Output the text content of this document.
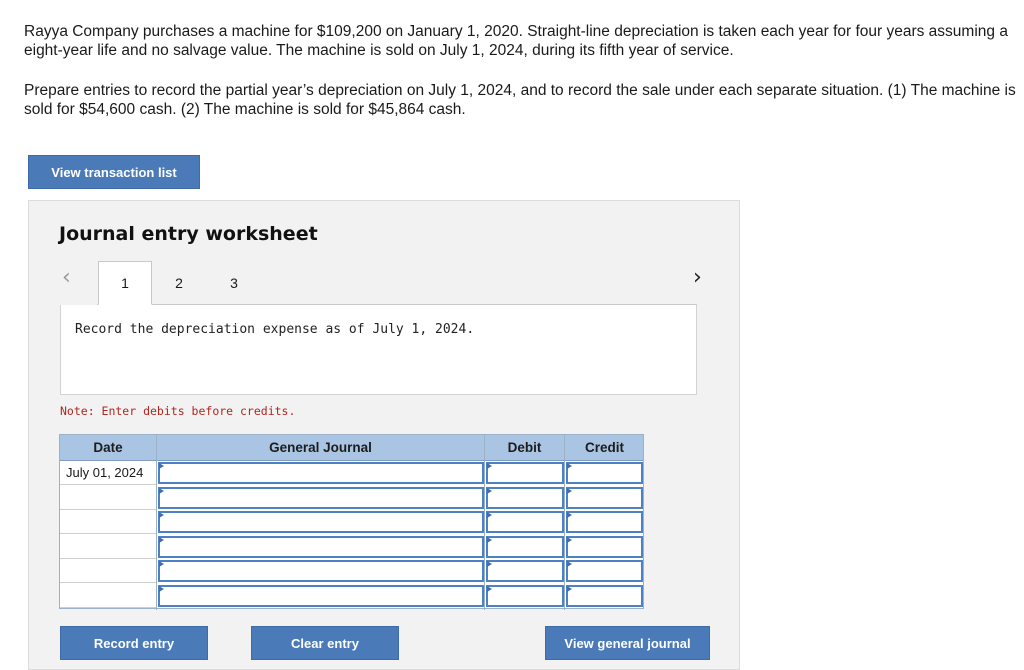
Rayya Company purchases a machine for $109,200 on January 1, 2020. Straight-line depreciation is taken each year for four years assuming a eight-year life and no salvage value. The machine is sold on July 1, 2024, during its fifth year of service.

Prepare entries to record the partial year’s depreciation on July 1, 2024, and to record the sale under each separate situation. (1) The machine is sold for $54,600 cash. (2) The machine is sold for $45,864 cash.

View transaction list
Journal entry worksheet
‹	›
1	2	3
Record the depreciation expense as of July 1, 2024.
Note: Enter debits before credits.
Date	General Journal	Debit	Credit
July 01, 2024
Record entry	Clear entry	View general journal
